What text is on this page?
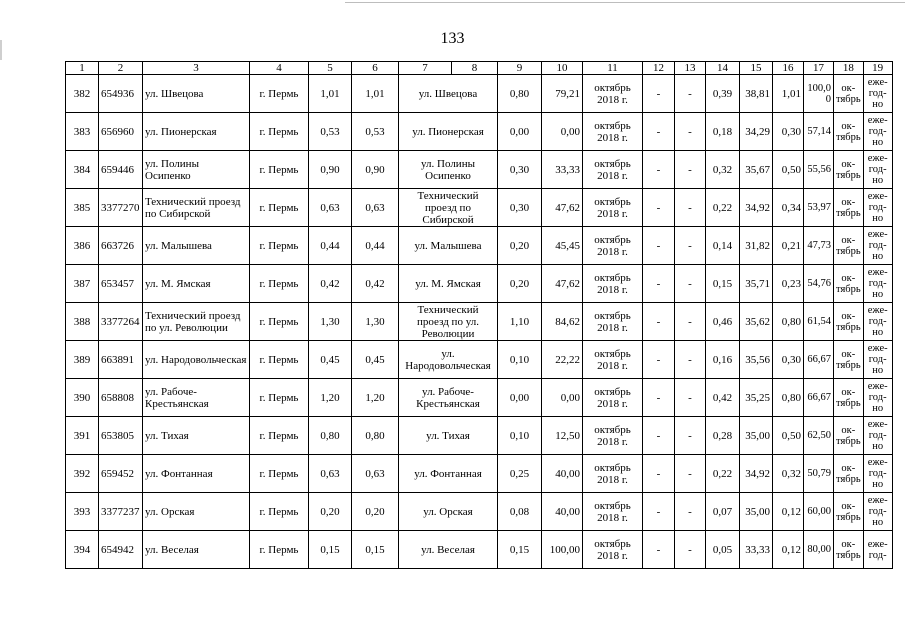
133
1	2	3	4	5	6	7	8	9	10	11	12	13	14	15	16	17	18	19
382	654936	ул. Швецова	г. Пермь	1,01	1,01	ул. Швецова		0,80	79,21	октябрь 2018 г.	-	-	0,39	38,81	1,01	100,0 0	ок- тябрь	еже- год- но
383	656960	ул. Пионерская	г. Пермь	0,53	0,53	ул. Пионерская		0,00	0,00	октябрь 2018 г.	-	-	0,18	34,29	0,30	57,14	ок- тябрь	еже- год- но
384	659446	ул. Полины Осипенко	г. Пермь	0,90	0,90	ул. Полины Осипенко		0,30	33,33	октябрь 2018 г.	-	-	0,32	35,67	0,50	55,56	ок- тябрь	еже- год- но
385	3377270	Технический проезд по Сибирской	г. Пермь	0,63	0,63	Технический проезд по Сибирской		0,30	47,62	октябрь 2018 г.	-	-	0,22	34,92	0,34	53,97	ок- тябрь	еже- год- но
386	663726	ул. Малышева	г. Пермь	0,44	0,44	ул. Малышева		0,20	45,45	октябрь 2018 г.	-	-	0,14	31,82	0,21	47,73	ок- тябрь	еже- год- но
387	653457	ул. М. Ямская	г. Пермь	0,42	0,42	ул. М. Ямская		0,20	47,62	октябрь 2018 г.	-	-	0,15	35,71	0,23	54,76	ок- тябрь	еже- год- но
388	3377264	Технический проезд по ул. Революции	г. Пермь	1,30	1,30	Технический проезд по ул. Революции		1,10	84,62	октябрь 2018 г.	-	-	0,46	35,62	0,80	61,54	ок- тябрь	еже- год- но
389	663891	ул. Народовольческая	г. Пермь	0,45	0,45	ул. Народовольческая		0,10	22,22	октябрь 2018 г.	-	-	0,16	35,56	0,30	66,67	ок- тябрь	еже- год- но
390	658808	ул. Рабоче- Крестьянская	г. Пермь	1,20	1,20	ул. Рабоче- Крестьянская		0,00	0,00	октябрь 2018 г.	-	-	0,42	35,25	0,80	66,67	ок- тябрь	еже- год- но
391	653805	ул. Тихая	г. Пермь	0,80	0,80	ул. Тихая		0,10	12,50	октябрь 2018 г.	-	-	0,28	35,00	0,50	62,50	ок- тябрь	еже- год- но
392	659452	ул. Фонтанная	г. Пермь	0,63	0,63	ул. Фонтанная		0,25	40,00	октябрь 2018 г.	-	-	0,22	34,92	0,32	50,79	ок- тябрь	еже- год- но
393	3377237	ул. Орская	г. Пермь	0,20	0,20	ул. Орская		0,08	40,00	октябрь 2018 г.	-	-	0,07	35,00	0,12	60,00	ок- тябрь	еже- год- но
394	654942	ул. Веселая	г. Пермь	0,15	0,15	ул. Веселая		0,15	100,00	октябрь 2018 г.	-	-	0,05	33,33	0,12	80,00	ок- тябрь	еже- год-
